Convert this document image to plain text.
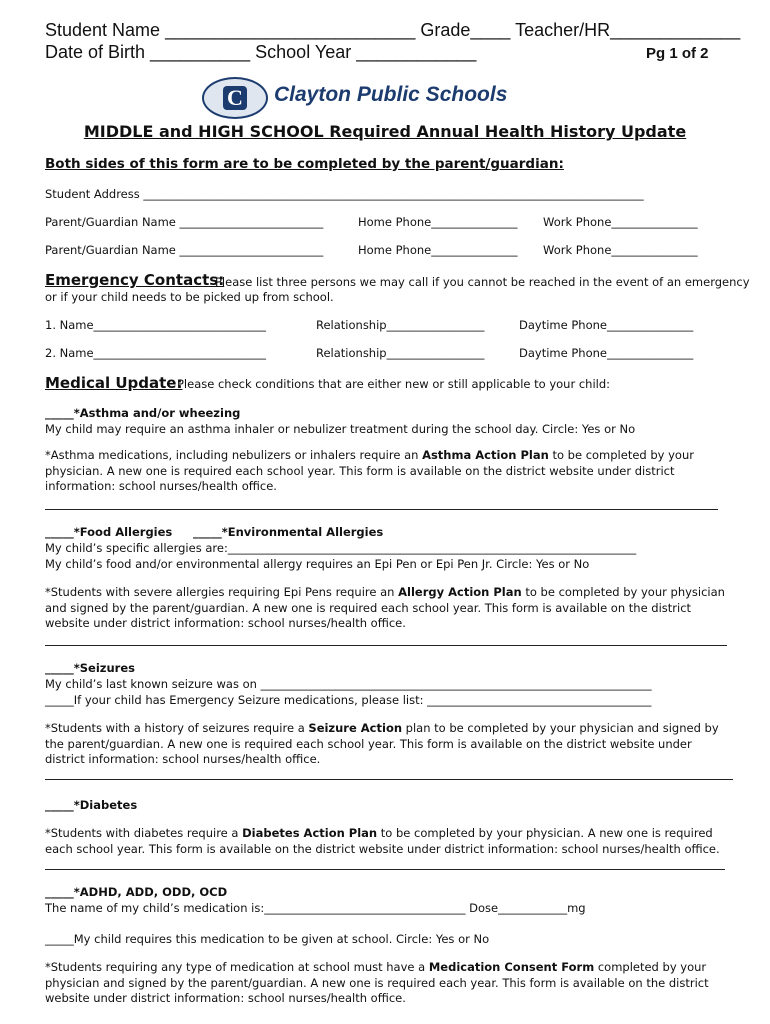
Student Name _________________________ Grade____ Teacher/HR_____________
Date of Birth __________ School Year ____________	Pg 1 of 2
C Clayton Public Schools
MIDDLE and HIGH SCHOOL Required Annual Health History Update
Both sides of this form are to be completed by the parent/guardian:
Student Address _______________________________________________________________________________________
Parent/Guardian Name _________________________	Home Phone_______________ Work Phone_______________
Parent/Guardian Name _________________________	Home Phone_______________ Work Phone_______________
Emergency Contacts:
Please list three persons we may call if you cannot be reached in the event of an emergency
or if your child needs to be picked up from school.
1. Name______________________________	Relationship_________________	Daytime Phone_______________
2. Name______________________________	Relationship_________________	Daytime Phone_______________
Medical Update:
Please check conditions that are either new or still applicable to your child:
_____*Asthma and/or wheezing
My child may require an asthma inhaler or nebulizer treatment during the school day. Circle: Yes or No
*Asthma medications, including nebulizers or inhalers require an Asthma Action Plan to be completed by your physician. A new one is required each school year. This form is available on the district website under district information: school nurses/health office.
_____*Food Allergies _____*Environmental Allergies
My child’s specific allergies are:_______________________________________________________________________
My child’s food and/or environmental allergy requires an Epi Pen or Epi Pen Jr. Circle: Yes or No
*Students with severe allergies requiring Epi Pens require an Allergy Action Plan to be completed by your physician and signed by the parent/guardian. A new one is required each school year. This form is available on the district website under district information: school nurses/health office.
_____*Seizures
My child’s last known seizure was on ____________________________________________________________________
_____If your child has Emergency Seizure medications, please list: _______________________________________
*Students with a history of seizures require a Seizure Action plan to be completed by your physician and signed by the parent/guardian. A new one is required each school year. This form is available on the district website under district information: school nurses/health office.
_____*Diabetes
*Students with diabetes require a Diabetes Action Plan to be completed by your physician. A new one is required each school year. This form is available on the district website under district information: school nurses/health office.
_____*ADHD, ADD, ODD, OCD
The name of my child’s medication is:___________________________________ Dose____________mg
_____My child requires this medication to be given at school. Circle: Yes or No
*Students requiring any type of medication at school must have a Medication Consent Form completed by your physician and signed by the parent/guardian. A new one is required each year. This form is available on the district website under district information: school nurses/health office.
